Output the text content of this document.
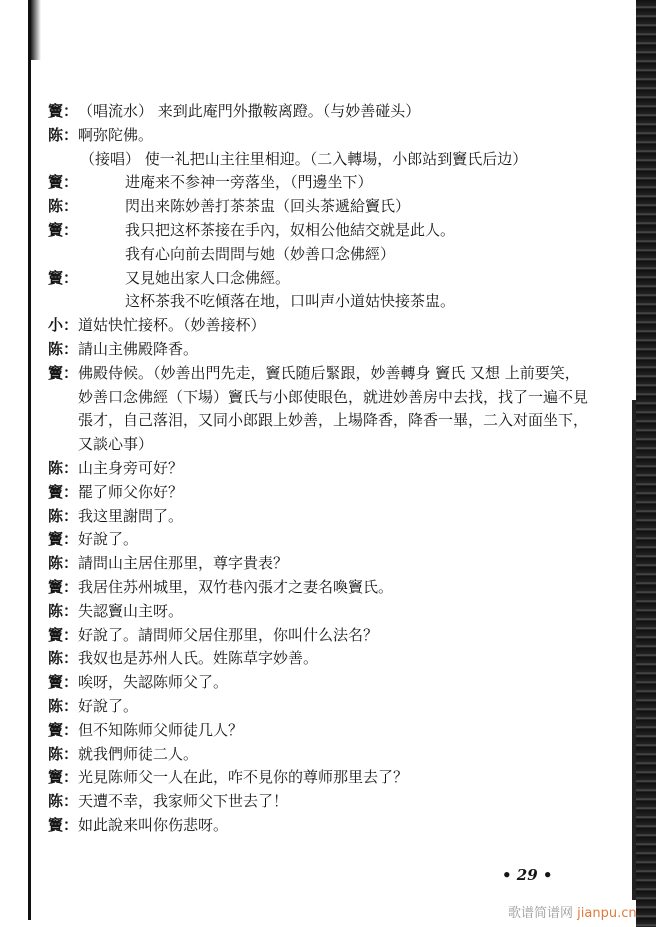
竇：（唱流水） 来到此庵門外撒鞍离蹬。（与妙善碰头）
陈：啊弥陀佛。
（接唱） 使一礼把山主往里相迎。（二入轉場，小郎站到竇氏后边）
竇：	进庵来不参神一旁落坐，（門邊坐下）
陈：	閃出来陈妙善打茶茶盅（回头茶遞給竇氏）
竇：	我只把这杯茶接在手內，奴相公他結交就是此人。
我有心向前去問問与她（妙善口念佛經）
竇：	又見她出家人口念佛經。
这杯茶我不吃傾落在地，口叫声小道姑快接茶盅。
小：道姑快忙接杯。（妙善接杯）
陈：請山主佛殿降香。
竇： 佛殿侍候。（妙善出門先走，竇氏随后緊跟，妙善轉身 竇氏 又想 上前要笑，妙善口念佛經（下場）竇氏与小郎使眼色，就进妙善房中去找，找了一遍不見張才，自己落泪，又同小郎跟上妙善，上場降香，降香一畢，二入对面坐下，又談心事）
陈：山主身旁可好？
竇：罷了师父你好？
陈：我这里謝問了。
竇：好說了。
陈：請問山主居住那里，尊字貴表？
竇：我居住苏州城里，双竹巷內張才之妻名喚竇氏。
陈：失認竇山主呀。
竇：好說了。請問师父居住那里，你叫什么法名？
陈：我奴也是苏州人氏。姓陈草字妙善。
竇：唉呀，失認陈师父了。
陈：好說了。
竇：但不知陈师父师徒几人？
陈：就我們师徒二人。
竇：光見陈师父一人在此，咋不見你的尊师那里去了？
陈：天遭不幸，我家师父下世去了！
竇：如此說来叫你伤悲呀。
• 29 •
歌谱简谱网 jianpu.cn
